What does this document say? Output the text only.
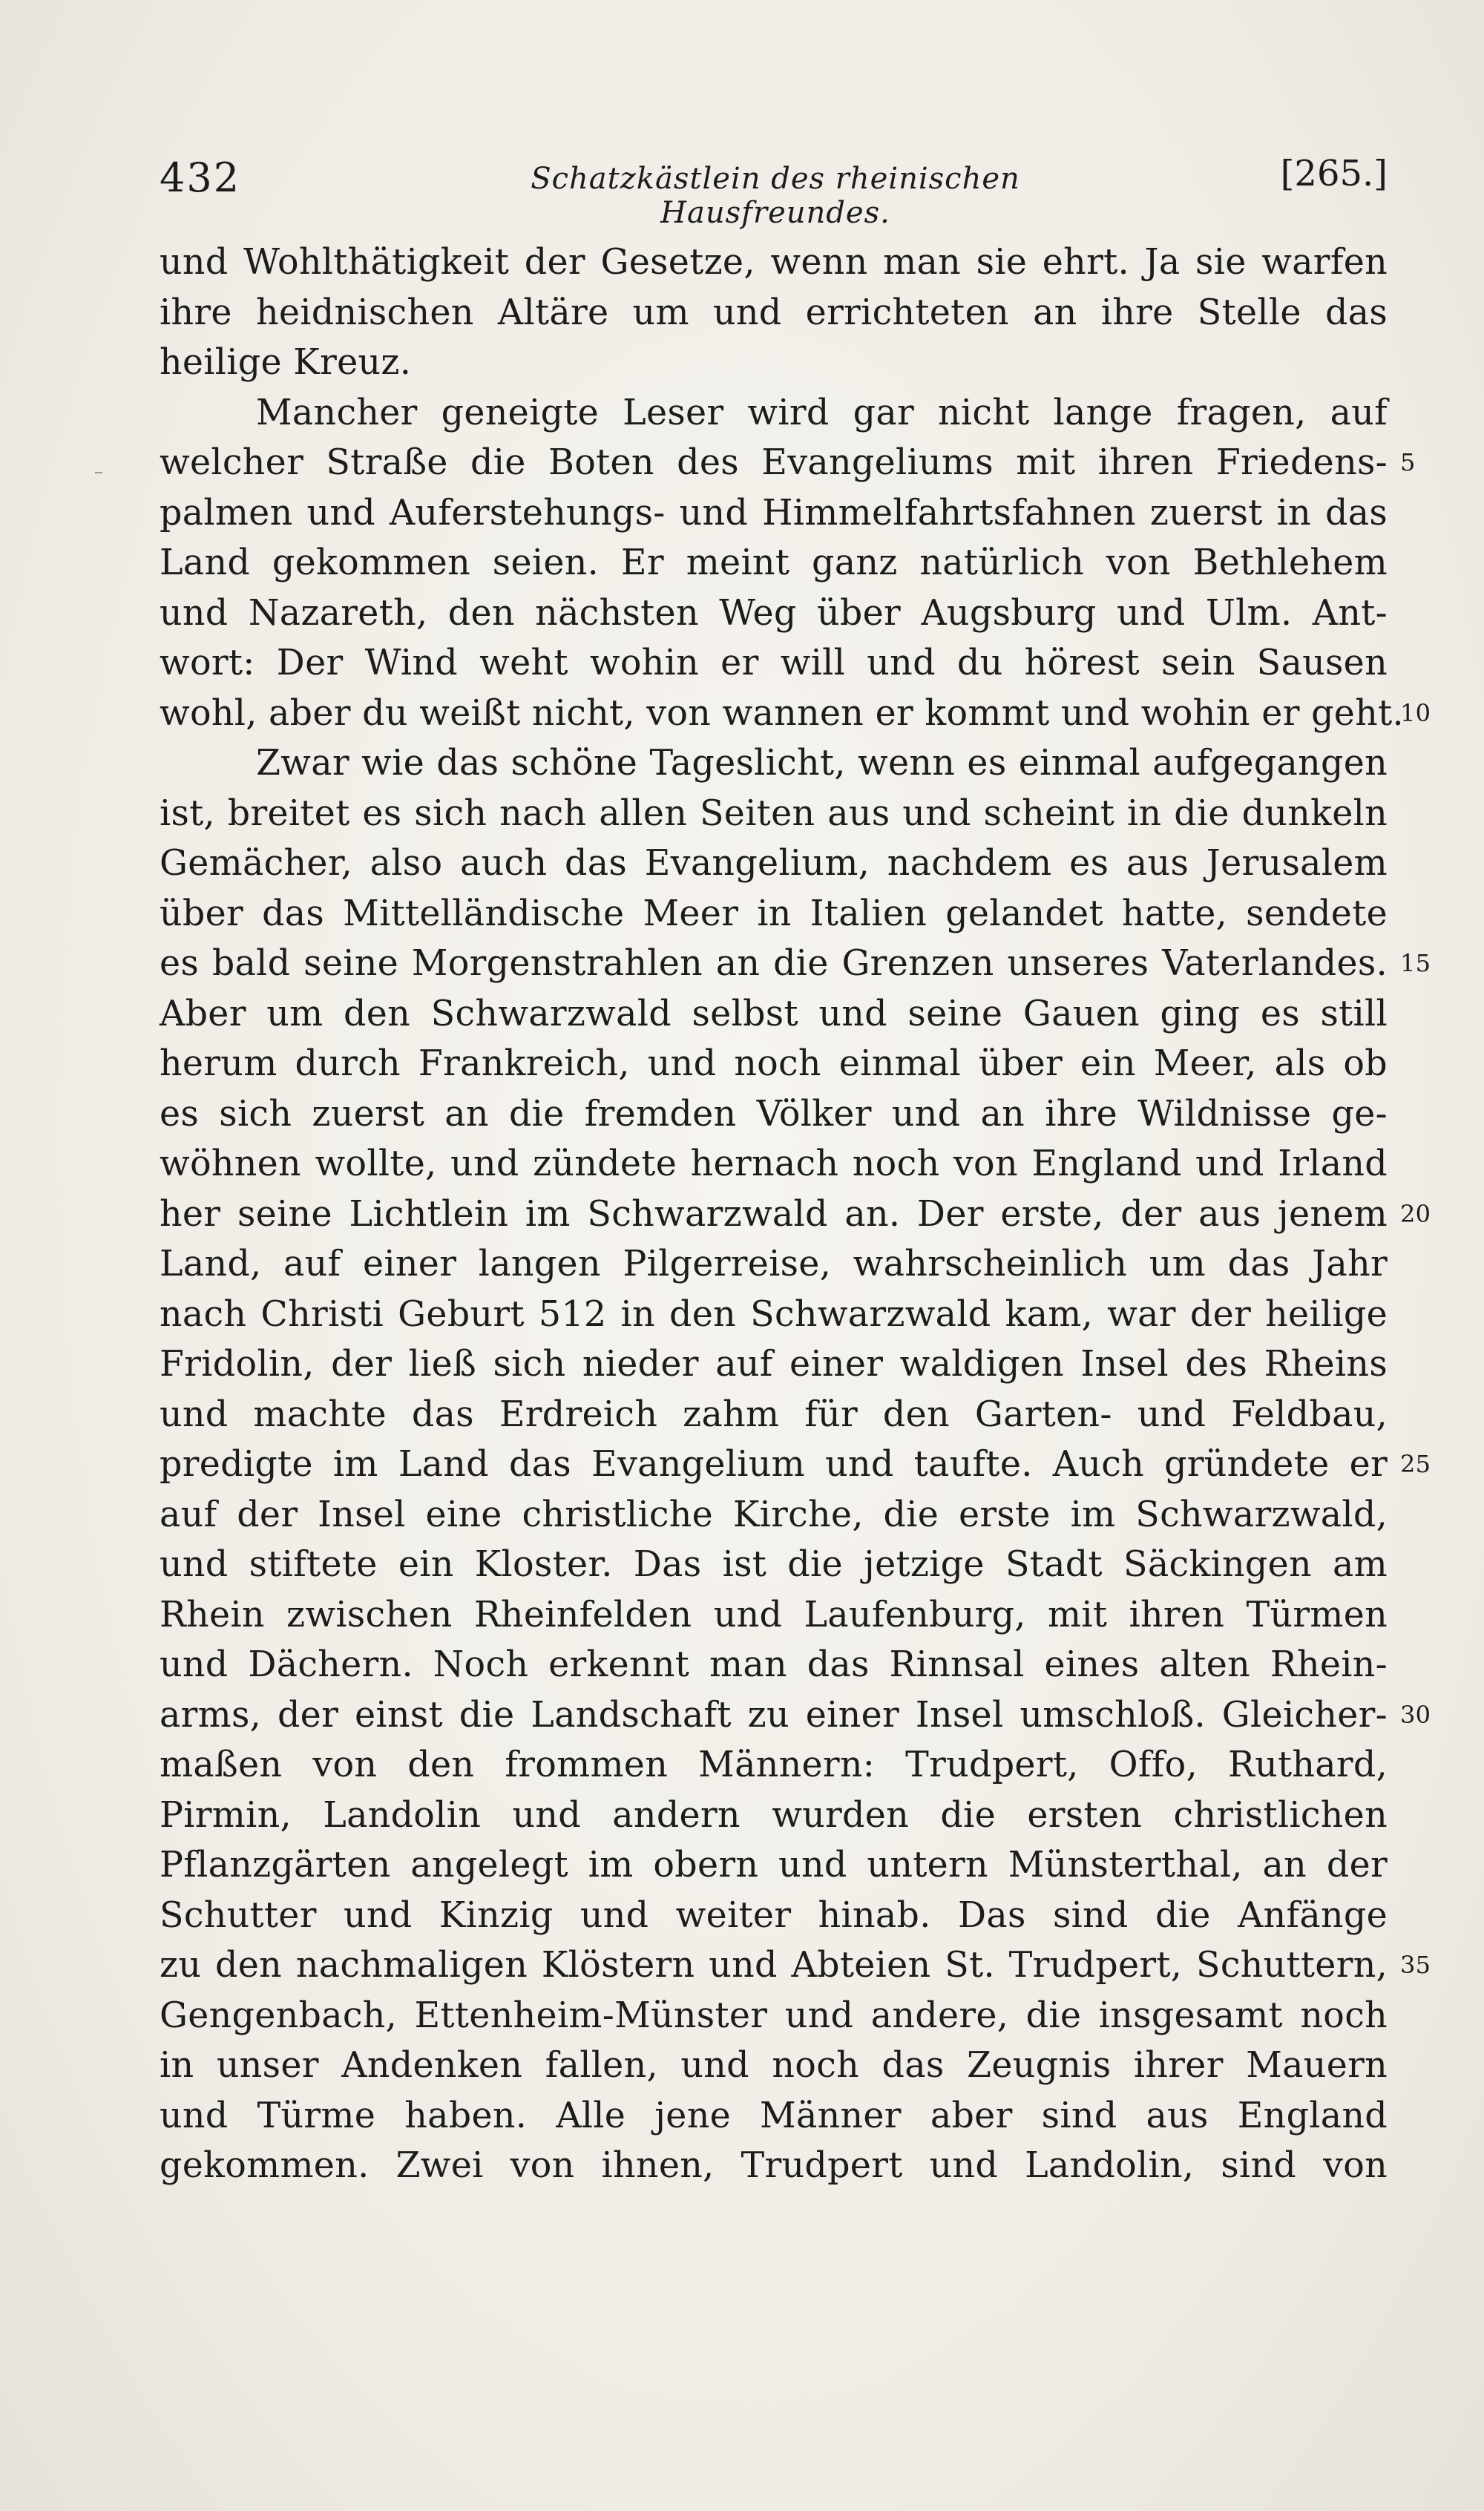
432	Schatzkästlein des rheinischen Hausfreundes.
[265.]
und Wohlthätigkeit der Gesetze, wenn man sie ehrt. Ja sie warfen
ihre heidnischen Altäre um und errichteten an ihre Stelle das
heilige Kreuz.
Mancher geneigte Leser wird gar nicht lange fragen, auf
welcher Straße die Boten des Evangeliums mit ihren Friedens- 5
palmen und Auferstehungs- und Himmelfahrtsfahnen zuerst in das
Land gekommen seien. Er meint ganz natürlich von Bethlehem
und Nazareth, den nächsten Weg über Augsburg und Ulm. Ant-
wort: Der Wind weht wohin er will und du hörest sein Sausen
wohl, aber du weißt nicht, von wannen er kommt und wohin er geht.
10
Zwar wie das schöne Tageslicht, wenn es einmal aufgegangen
ist, breitet es sich nach allen Seiten aus und scheint in die dunkeln
Gemächer, also auch das Evangelium, nachdem es aus Jerusalem
über das Mittelländische Meer in Italien gelandet hatte, sendete
es bald seine Morgenstrahlen an die Grenzen unseres Vaterlandes. 15
Aber um den Schwarzwald selbst und seine Gauen ging es still
herum durch Frankreich, und noch einmal über ein Meer, als ob
es sich zuerst an die fremden Völker und an ihre Wildnisse ge-
wöhnen wollte, und zündete hernach noch von England und Irland
her seine Lichtlein im Schwarzwald an. Der erste, der aus jenem 20
Land, auf einer langen Pilgerreise, wahrscheinlich um das Jahr
nach Christi Geburt 512 in den Schwarzwald kam, war der heilige
Fridolin, der ließ sich nieder auf einer waldigen Insel des Rheins
und machte das Erdreich zahm für den Garten- und Feldbau,
predigte im Land das Evangelium und taufte. Auch gründete er 25
auf der Insel eine christliche Kirche, die erste im Schwarzwald,
und stiftete ein Kloster. Das ist die jetzige Stadt Säckingen am
Rhein zwischen Rheinfelden und Laufenburg, mit ihren Türmen
und Dächern. Noch erkennt man das Rinnsal eines alten Rhein-
arms, der einst die Landschaft zu einer Insel umschloß. Gleicher- 30
maßen von den frommen Männern: Trudpert, Offo, Ruthard,
Pirmin, Landolin und andern wurden die ersten christlichen
Pflanzgärten angelegt im obern und untern Münsterthal, an der
Schutter und Kinzig und weiter hinab. Das sind die Anfänge
zu den nachmaligen Klöstern und Abteien St. Trudpert, Schuttern, 35
Gengenbach, Ettenheim-Münster und andere, die insgesamt noch
in unser Andenken fallen, und noch das Zeugnis ihrer Mauern
und Türme haben. Alle jene Männer aber sind aus England
gekommen. Zwei von ihnen, Trudpert und Landolin, sind von
